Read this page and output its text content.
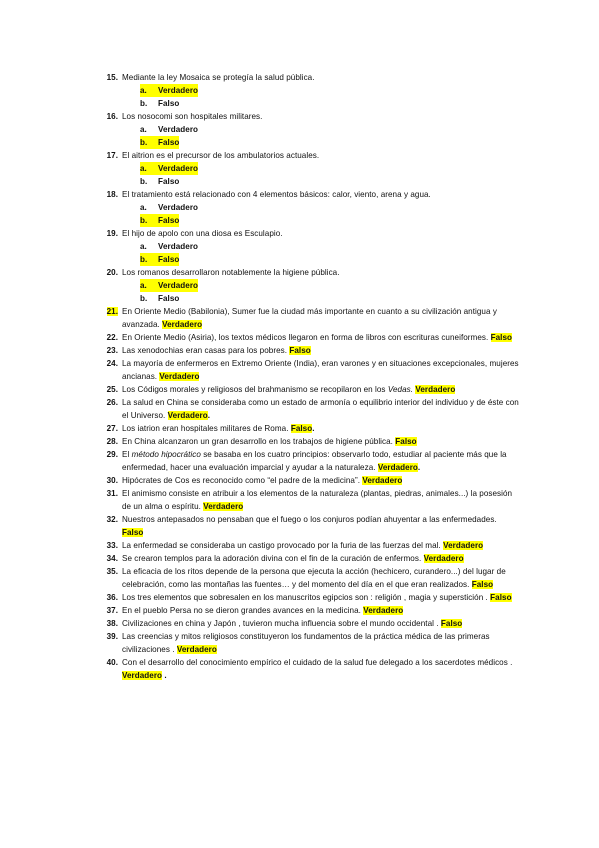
15. Mediante la ley Mosaica se protegía la salud pública.
a.	Verdadero
b.	Falso
16. Los nosocomi son hospitales militares.
a.	Verdadero
b.	Falso
17. El aitrion es el precursor de los ambulatorios actuales.
a.	Verdadero
b.	Falso
18. El tratamiento está relacionado con 4 elementos básicos: calor, viento, arena y agua.
a.	Verdadero
b.	Falso
19. El hijo de apolo con una diosa es Esculapio.
a.	Verdadero
b.	Falso
20. Los romanos desarrollaron notablemente la higiene pública.
a.	Verdadero
b.	Falso
21. En Oriente Medio (Babilonia), Sumer fue la ciudad más importante en cuanto a su civilización antigua y avanzada. Verdadero
22. En Oriente Medio (Asiria), los textos médicos llegaron en forma de libros con escrituras cuneiformes. Falso
23. Las xenodochias eran casas para los pobres. Falso
24. La mayoría de enfermeros en Extremo Oriente (India), eran varones y en situaciones excepcionales, mujeres ancianas. Verdadero
25. Los Códigos morales y religiosos del brahmanismo se recopilaron en los Vedas. Verdadero
26. La salud en China se consideraba como un estado de armonía o equilibrio interior del individuo y de éste con el Universo. Verdadero.
27. Los iatrion eran hospitales militares de Roma. Falso.
28. En China alcanzaron un gran desarrollo en los trabajos de higiene pública. Falso
29. El método hipocrático se basaba en los cuatro principios: observarlo todo, estudiar al paciente más que la enfermedad, hacer una evaluación imparcial y ayudar a la naturaleza. Verdadero.
30. Hipócrates de Cos es reconocido como “el padre de la medicina”. Verdadero
31. El animismo consiste en atribuir a los elementos de la naturaleza (plantas, piedras, animales...) la posesión de un alma o espíritu. Verdadero
32. Nuestros antepasados no pensaban que el fuego o los conjuros podían ahuyentar a las enfermedades. Falso
33. La enfermedad se consideraba un castigo provocado por la furia de las fuerzas del mal. Verdadero
34. Se crearon templos para la adoración divina con el fin de la curación de enfermos. Verdadero
35. La eficacia de los ritos depende de la persona que ejecuta la acción (hechicero, curandero...) del lugar de celebración, como las montañas las fuentes… y del momento del día en el que eran realizados. Falso
36. Los tres elementos que sobresalen en los manuscritos egipcios son : religión , magia y superstición . Falso
37. En el pueblo Persa no se dieron grandes avances en la medicina. Verdadero
38. Civilizaciones en china y Japón , tuvieron mucha influencia sobre el mundo occidental . Falso
39. Las creencias y mitos religiosos constituyeron los fundamentos de la práctica médica de las primeras civilizaciones . Verdadero
40. Con el desarrollo del conocimiento empírico el cuidado de la salud fue delegado a los sacerdotes médicos . Verdadero .
